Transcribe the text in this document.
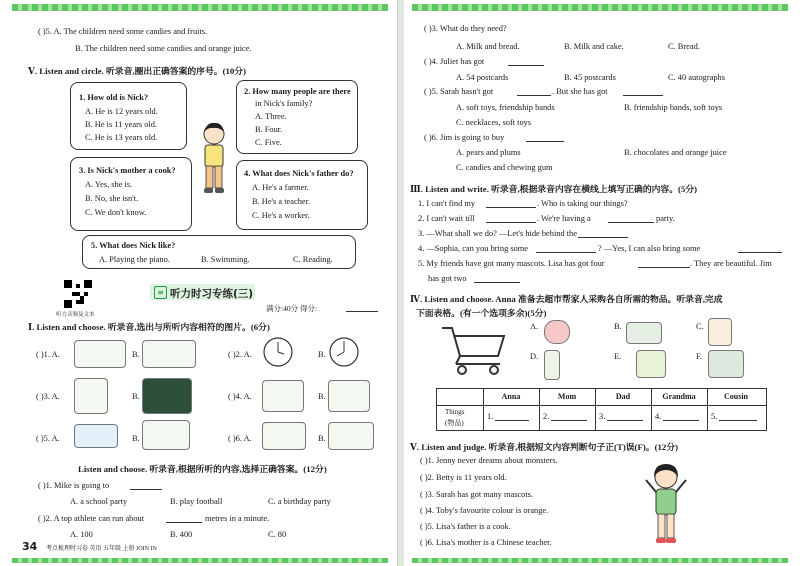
( )5. A. The children need some candies and fruits.
B. The children need some candies and orange juice.
Ⅴ. Listen and circle. 听录音,圈出正确答案的序号。(10分)
1. How old is Nick?
A. He is 12 years old.
B. He is 11 years old.
C. He is 13 years old.
2. How many people are there
in Nick's family?
A. Three.
B. Four.
C. Five.
3. Is Nick's mother a cook?
A. Yes, she is.
B. No, she isn't.
C. We don't know.
4. What does Nick's father do?
A. He's a farmer.
B. He's a teacher.
C. He's a worker.
5. What does Nick like?
A. Playing the piano.	B. Swimming.	C. Reading.
听力音频及文本
≡ 听力时习专练(三)
满分:40分 得分:
Ⅰ. Listen and choose. 听录音,选出与所听内容相符的图片。(6分)
( )1. A.	B.	( )2. A.	B.
( )3. A.	B.	( )4. A.	B.
( )5. A.	B.	( )6. A.	B.
Listen and choose. 听录音,根据所听的内容,选择正确答案。(12分)
( )1. Mike is going to
A. a school party	B. play football	C. a birthday party
( )2. A top athlete can run about	metres in a minute.
A. 100	B. 400	C. 80
34 考点梳理时习卷 英语 五年级 上册 JOIN IN
( )3. What do they need?
A. Milk and bread.	B. Milk and cake.	C. Bread.
( )4. Juliet has got
A. 54 postcards	B. 45 postcards	C. 40 autographs
( )5. Sarah hasn't got	. But she has got
A. soft toys, friendship bands	B. friendship bands, soft toys
C. necklaces, soft toys
( )6. Jim is going to buy
A. pears and plums	B. chocolates and orange juice
C. candies and chewing gum
Ⅲ. Listen and write. 听录音,根据录音内容在横线上填写正确的内容。(5分)
1. I can't find my	. Who is taking our things?
2. I can't wait till	. We're having a	party.
3. —What shall we do? —Let's hide behind the
4. —Sophia, can you bring some	? —Yes, I can also bring some
5. My friends have got many mascots. Lisa has got four	. They are beautiful. Jim
has got two
Ⅳ. Listen and choose. Anna 准备去超市帮家人采购各自所需的物品。听录音,完成
下面表格。(有一个选项多余)(5分)
A.	B.	C.
D.	E.	F.
Anna	Mom	Dad	Grandma	Cousin
Things
(物品)
1.	2.	3.	4.	5.
Ⅴ. Listen and judge. 听录音,根据短文内容判断句子正(T)误(F)。(12分)
( )1. Jenny never dreams about monsters.
( )2. Betty is 11 years old.
( )3. Sarah has got many mascots.
( )4. Toby's favourite colour is orange.
( )5. Lisa's father is a cook.
( )6. Lisa's mother is a Chinese teacher.
